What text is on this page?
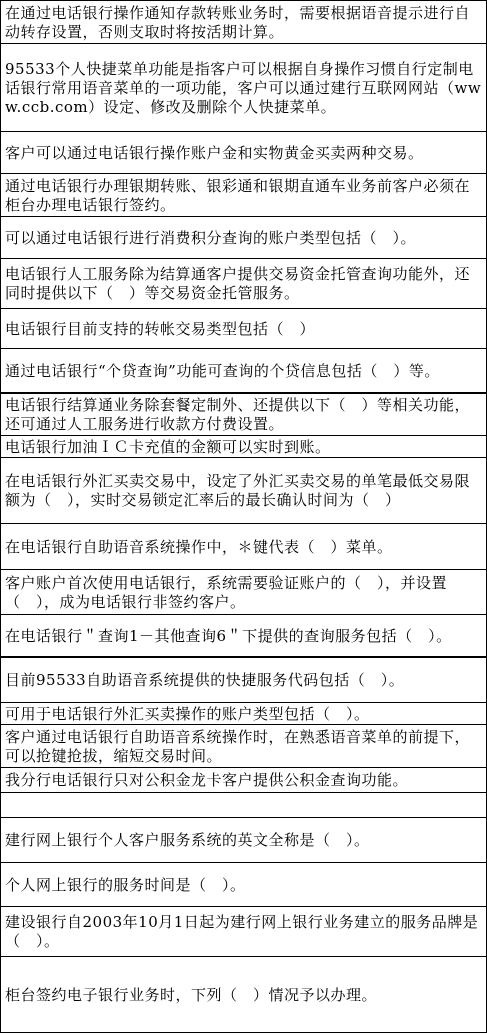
在通过电话银行操作通知存款转账业务时，需要根据语音提示进行自动转存设置，否则支取时将按活期计算。
95533个人快捷菜单功能是指客户可以根据自身操作习惯自行定制电话银行常用语音菜单的一项功能，客户可以通过建行互联网网站（www.ccb.com）设定、修改及删除个人快捷菜单。
客户可以通过电话银行操作账户金和实物黄金买卖两种交易。
通过电话银行办理银期转账、银彩通和银期直通车业务前客户必须在柜台办理电话银行签约。
可以通过电话银行进行消费积分查询的账户类型包括（　）。
电话银行人工服务除为结算通客户提供交易资金托管查询功能外，还同时提供以下（　）等交易资金托管服务。
电话银行目前支持的转帐交易类型包括（　）
通过电话银行“个贷查询”功能可查询的个贷信息包括（　）等。
电话银行结算通业务除套餐定制外、还提供以下（　）等相关功能，还可通过人工服务进行收款方付费设置。
电话银行加油ＩＣ卡充值的金额可以实时到账。
在电话银行外汇买卖交易中，设定了外汇买卖交易的单笔最低交易限额为（　），实时交易锁定汇率后的最长确认时间为（　）
在电话银行自助语音系统操作中，＊键代表（　）菜单。
客户账户首次使用电话银行，系统需要验证账户的（　），并设置（　），成为电话银行非签约客户。
在电话银行＂查询1－其他查询6＂下提供的查询服务包括（　）。
目前95533自助语音系统提供的快捷服务代码包括（　）。
可用于电话银行外汇买卖操作的账户类型包括（　）。
客户通过电话银行自助语音系统操作时，在熟悉语音菜单的前提下，可以抢键抢拔，缩短交易时间。
我分行电话银行只对公积金龙卡客户提供公积金查询功能。
建行网上银行个人客户服务系统的英文全称是（　）。
个人网上银行的服务时间是（　）。
建设银行自2003年10月1日起为建行网上银行业务建立的服务品牌是（　）。
柜台签约电子银行业务时，下列（　）情况予以办理。
